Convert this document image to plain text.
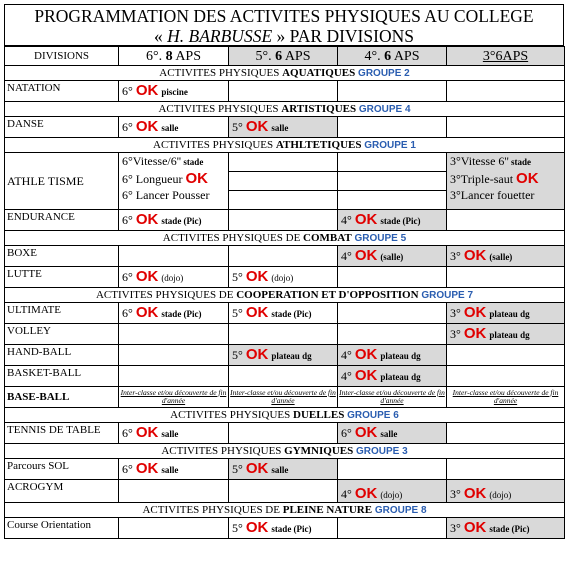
PROGRAMMATION DES ACTIVITES PHYSIQUES AU COLLEGE
« H. BARBUSSE » PAR DIVISIONS
DIVISIONS	6°. 8 APS	5°. 6 APS	4°. 6 APS	3°6APS
ACTIVITES PHYSIQUES AQUATIQUES GROUPE 2				
NATATION	6° OK piscine			
ACTIVITES PHYSIQUES ARTISTIQUES GROUPE 4				
DANSE	6° OK salle	5° OK salle		
ACTIVITES PHYSIQUES ATHLTETIQUES GROUPE 1				
ATHLE TISME	6°Vitesse/6'' stade
6° Longueur OK
6° Lancer Pousser			3°Vitesse 6'' stade
3°Triple-saut OK
3°Lancer fouetter

ENDURANCE	6° OK stade (Pic)		4° OK stade (Pic)	
ACTIVITES PHYSIQUES DE COMBAT GROUPE 5				
BOXE			4° OK (salle)	3° OK (salle)
LUTTE	6° OK (dojo)	5° OK (dojo)		
ACTIVITES PHYSIQUES DE COOPERATION ET D'OPPOSITION GROUPE 7				
ULTIMATE	6° OK stade (Pic)	5° OK stade (Pic)		3° OK plateau dg
VOLLEY				3° OK plateau dg
HAND-BALL		5° OK plateau dg	4° OK plateau dg	
BASKET-BALL			4° OK plateau dg	
BASE-BALL	Inter-classe et/ou découverte de fin d'année	Inter-classe et/ou découverte de fin d'année	Inter-classe et/ou découverte de fin d'année	Inter-classe et/ou découverte de fin d'année
ACTIVITES PHYSIQUES DUELLES GROUPE 6				
TENNIS DE TABLE	6° OK salle		6° OK salle	
ACTIVITES PHYSIQUES GYMNIQUES GROUPE 3				
Parcours SOL	6° OK salle	5° OK salle		
ACROGYM			4° OK (dojo)	3° OK (dojo)
ACTIVITES PHYSIQUES DE PLEINE NATURE GROUPE 8				
Course Orientation		5° OK stade (Pic)		3° OK stade (Pic)
